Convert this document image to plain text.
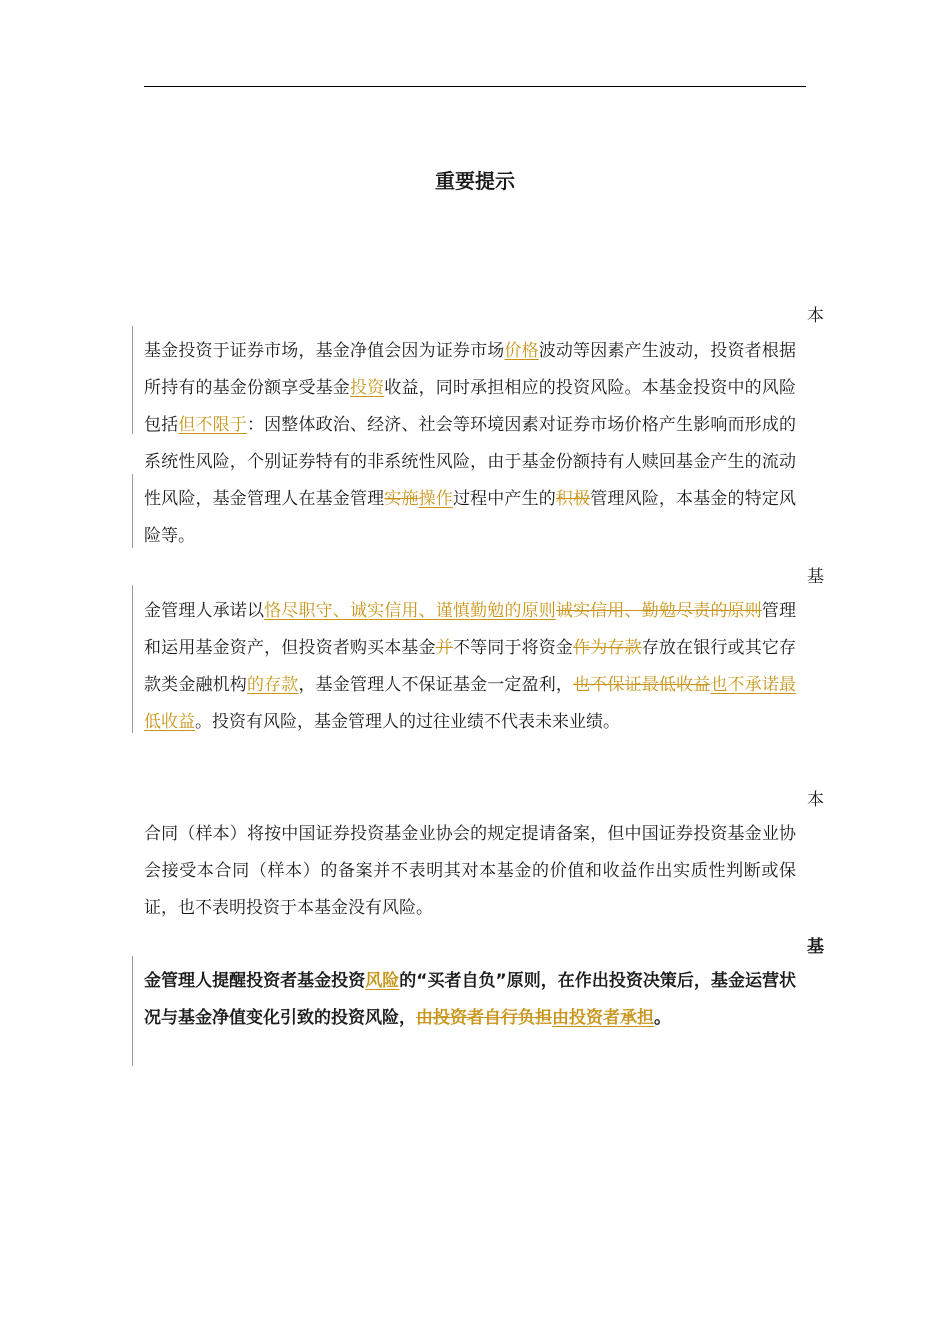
重要提示
本
基金投资于证券市场，基金净值会因为证券市场价格波动等因素产生波动，投资者根据所持有的基金份额享受基金投资收益，同时承担相应的投资风险。本基金投资中的风险包括但不限于：因整体政治、经济、社会等环境因素对证券市场价格产生影响而形成的系统性风险，个别证券特有的非系统性风险，由于基金份额持有人赎回基金产生的流动性风险，基金管理人在基金管理实施操作过程中产生的积极管理风险，本基金的特定风险等。
基
金管理人承诺以恪尽职守、诚实信用、谨慎勤勉的原则诚实信用、勤勉尽责的原则管理和运用基金资产，但投资者购买本基金并不等同于将资金作为存款存放在银行或其它存款类金融机构的存款，基金管理人不保证基金一定盈利，也不保证最低收益也不承诺最低收益。投资有风险，基金管理人的过往业绩不代表未来业绩。
本
合同（样本）将按中国证券投资基金业协会的规定提请备案，但中国证券投资基金业协会接受本合同（样本）的备案并不表明其对本基金的价值和收益作出实质性判断或保证，也不表明投资于本基金没有风险。
基
金管理人提醒投资者基金投资风险的“买者自负”原则，在作出投资决策后，基金运营状况与基金净值变化引致的投资风险，由投资者自行负担由投资者承担。
